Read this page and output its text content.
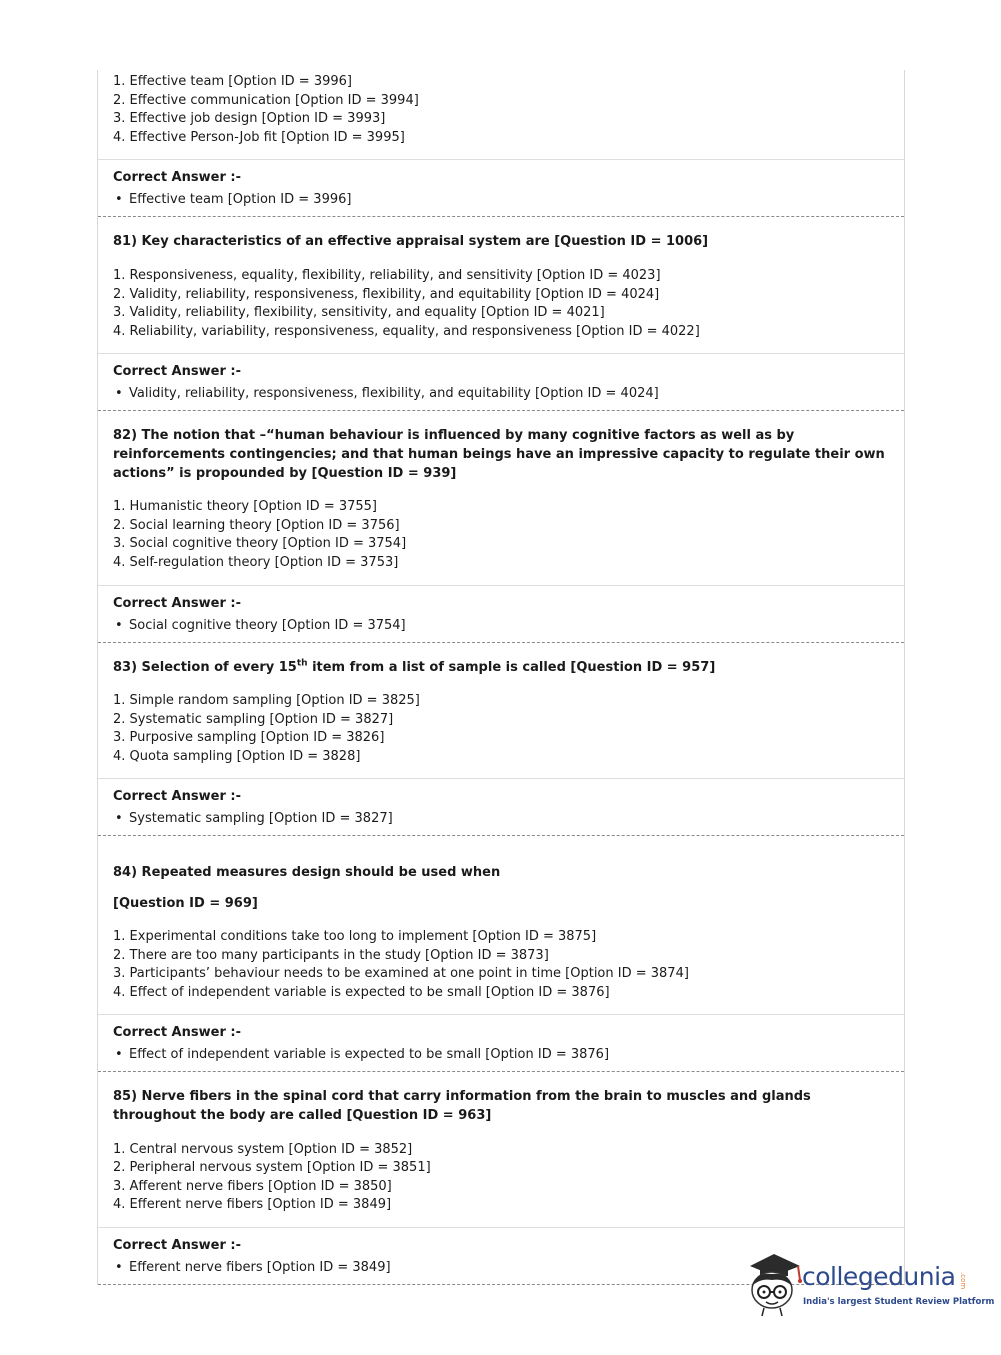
1. Effective team [Option ID = 3996]
2. Effective communication [Option ID = 3994]
3. Effective job design [Option ID = 3993]
4. Effective Person-Job fit [Option ID = 3995]
Correct Answer :-
• Effective team [Option ID = 3996]
81) Key characteristics of an effective appraisal system are [Question ID = 1006]
1. Responsiveness, equality, flexibility, reliability, and sensitivity [Option ID = 4023]
2. Validity, reliability, responsiveness, flexibility, and equitability [Option ID = 4024]
3. Validity, reliability, flexibility, sensitivity, and equality [Option ID = 4021]
4. Reliability, variability, responsiveness, equality, and responsiveness [Option ID = 4022]
Correct Answer :-
• Validity, reliability, responsiveness, flexibility, and equitability [Option ID = 4024]
82) The notion that –“human behaviour is influenced by many cognitive factors as well as by reinforcements contingencies; and that human beings have an impressive capacity to regulate their own actions” is propounded by [Question ID = 939]
1. Humanistic theory [Option ID = 3755]
2. Social learning theory [Option ID = 3756]
3. Social cognitive theory [Option ID = 3754]
4. Self-regulation theory [Option ID = 3753]
Correct Answer :-
• Social cognitive theory [Option ID = 3754]
83) Selection of every 15th item from a list of sample is called [Question ID = 957]
1. Simple random sampling [Option ID = 3825]
2. Systematic sampling [Option ID = 3827]
3. Purposive sampling [Option ID = 3826]
4. Quota sampling [Option ID = 3828]
Correct Answer :-
• Systematic sampling [Option ID = 3827]
84) Repeated measures design should be used when
[Question ID = 969]
1. Experimental conditions take too long to implement [Option ID = 3875]
2. There are too many participants in the study [Option ID = 3873]
3. Participants’ behaviour needs to be examined at one point in time [Option ID = 3874]
4. Effect of independent variable is expected to be small [Option ID = 3876]
Correct Answer :-
• Effect of independent variable is expected to be small [Option ID = 3876]
85) Nerve fibers in the spinal cord that carry information from the brain to muscles and glands throughout the body are called [Question ID = 963]
1. Central nervous system [Option ID = 3852]
2. Peripheral nervous system [Option ID = 3851]
3. Afferent nerve fibers [Option ID = 3850]
4. Efferent nerve fibers [Option ID = 3849]
Correct Answer :-
• Efferent nerve fibers [Option ID = 3849]	collegedunia .com
India's largest Student Review Platform
